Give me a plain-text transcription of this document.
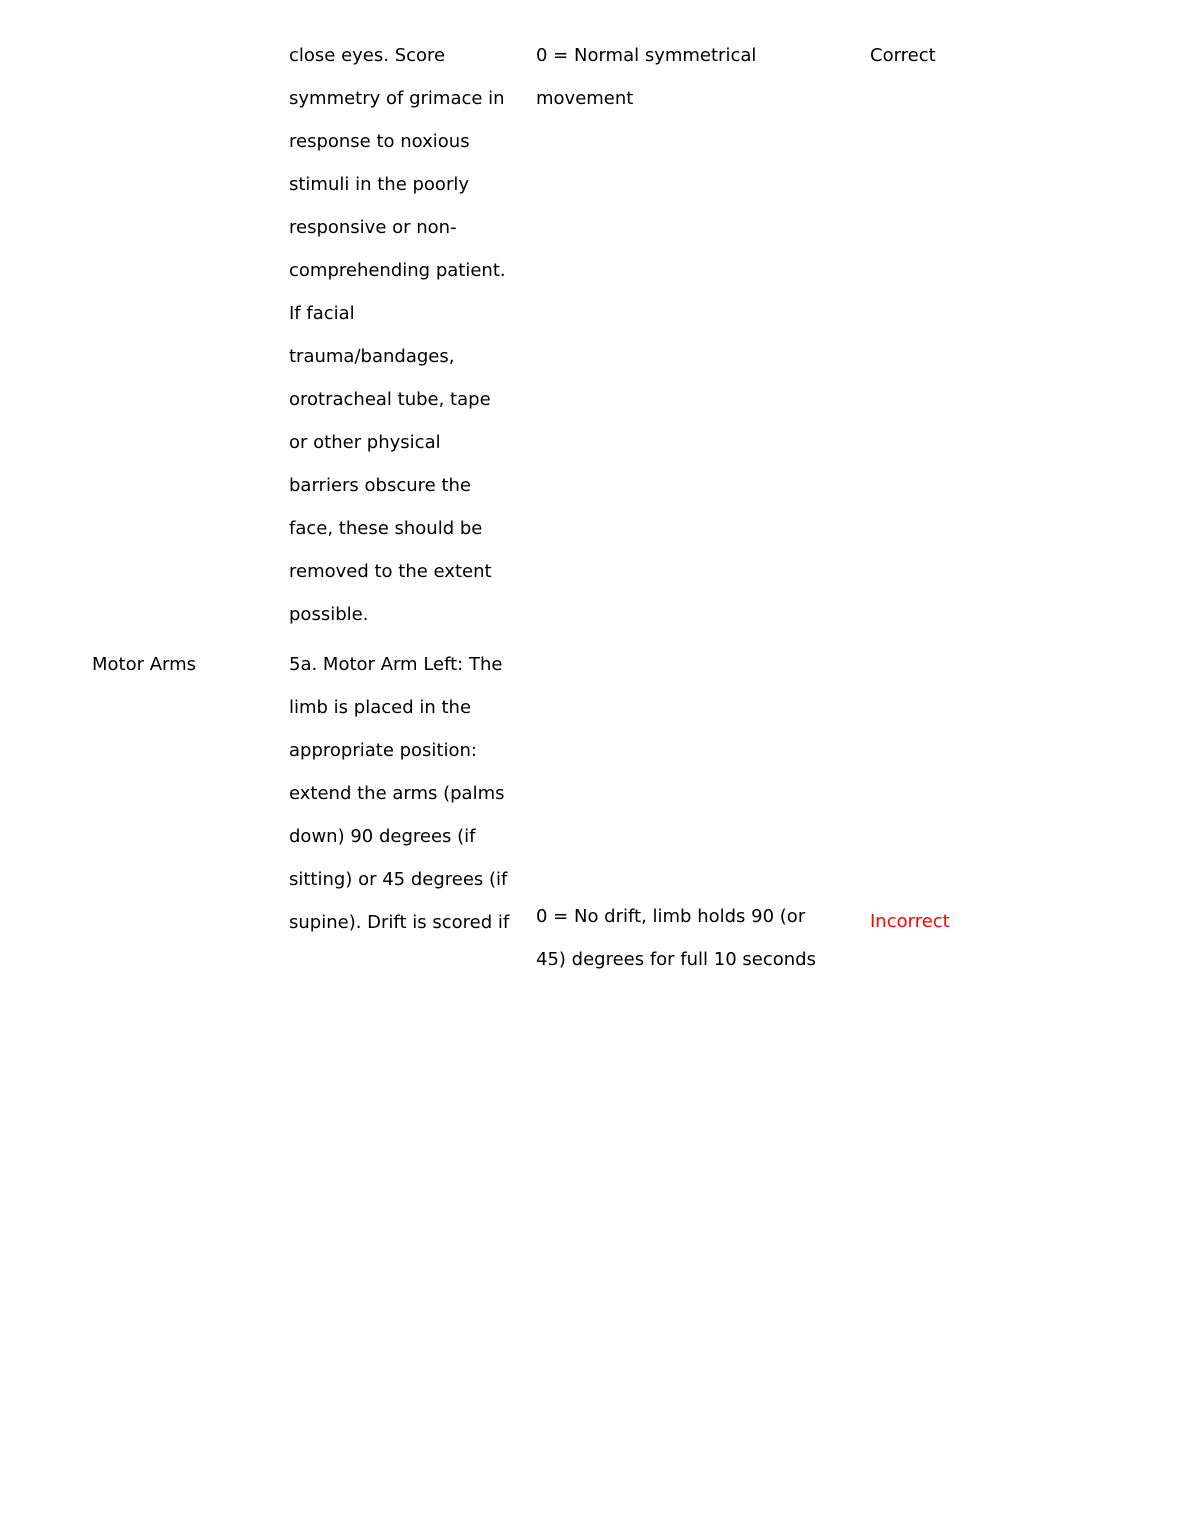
close eyes. Score
symmetry of grimace in
response to noxious
stimuli in the poorly
responsive or non-
comprehending patient.
If facial
trauma/bandages,
orotracheal tube, tape
or other physical
barriers obscure the
face, these should be
removed to the extent
possible.
0 = Normal symmetrical
movement
Correct
Motor Arms	5a. Motor Arm Left: The
limb is placed in the
appropriate position:
extend the arms (palms
down) 90 degrees (if
sitting) or 45 degrees (if
supine). Drift is scored if 0 = No drift, limb holds 90 (or
45) degrees for full 10 seconds
Incorrect
